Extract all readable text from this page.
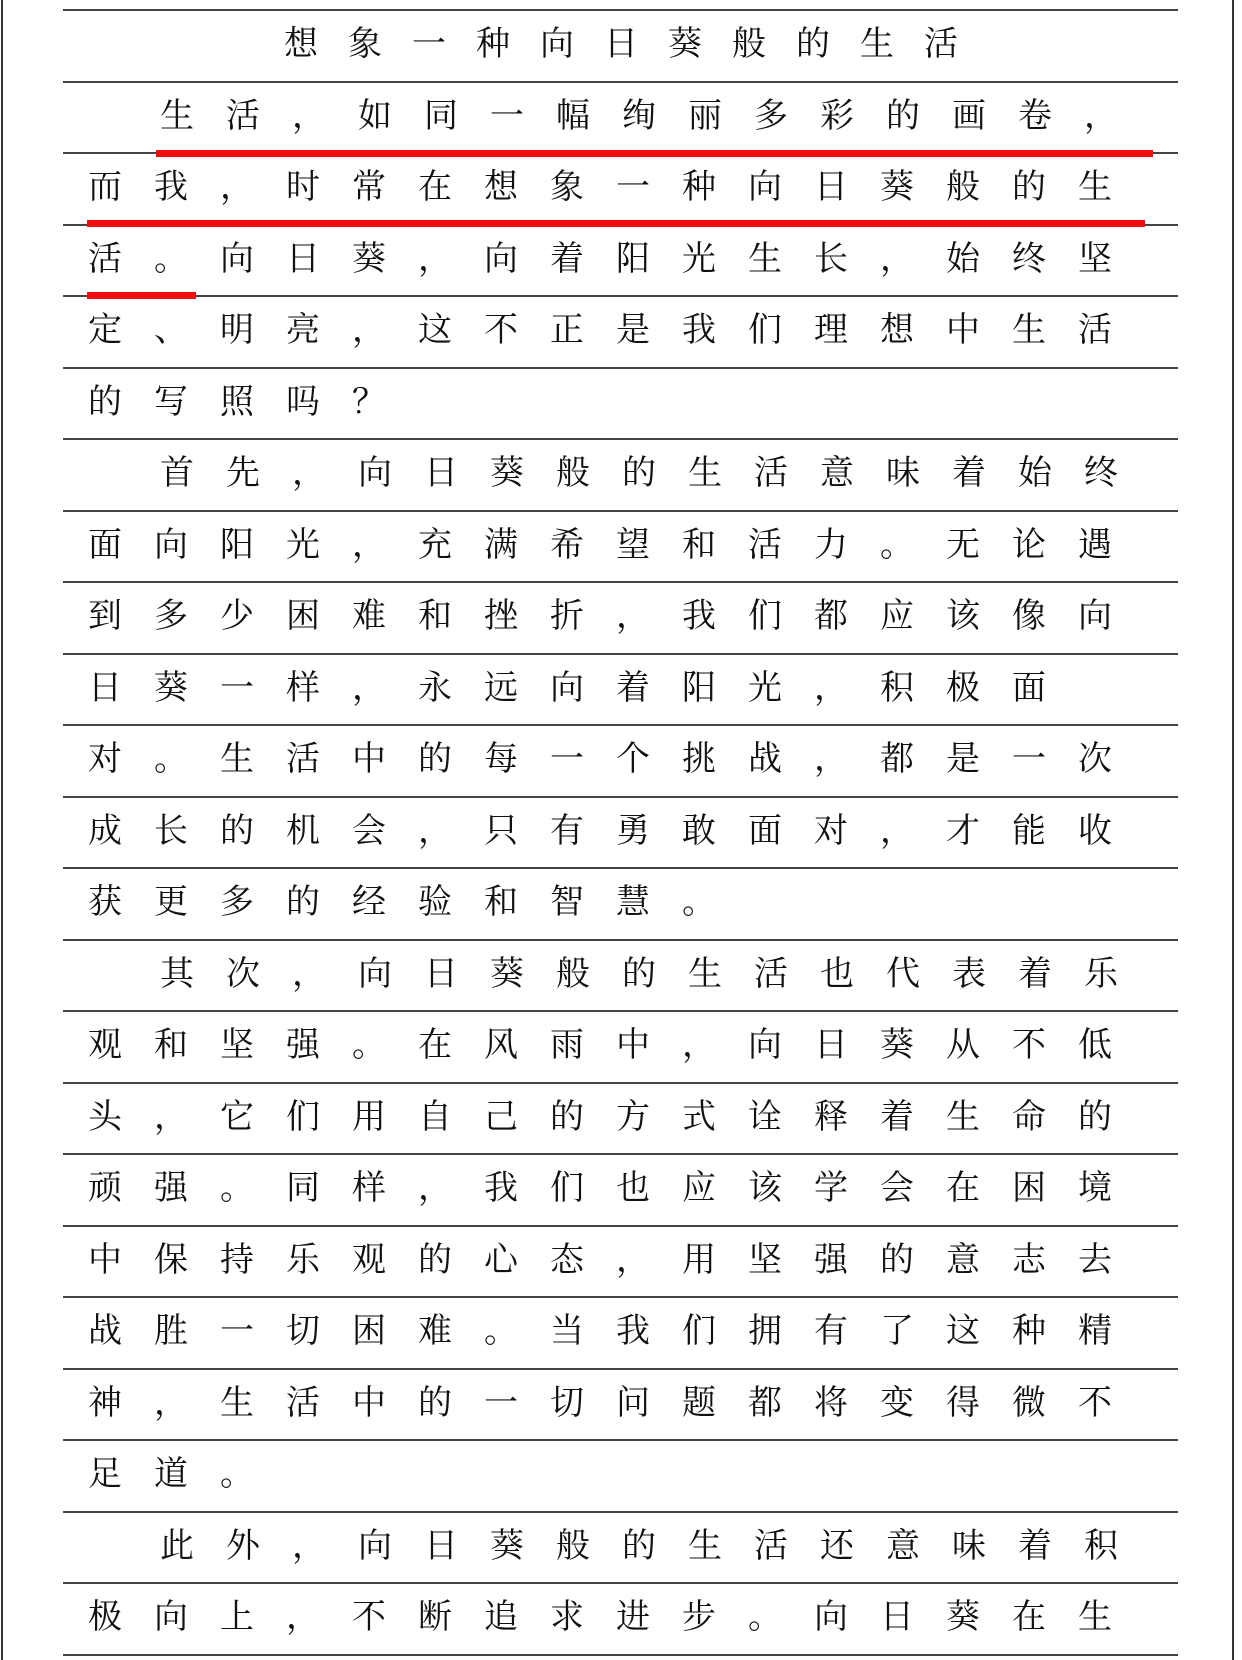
想象一种向日葵般的生活
生活，如同一幅绚丽多彩的画卷，
而我，时常在想象一种向日葵般的生
活。向日葵，向着阳光生长，始终坚
定、明亮，这不正是我们理想中生活
的写照吗？
首先，向日葵般的生活意味着始终
面向阳光，充满希望和活力。无论遇
到多少困难和挫折，我们都应该像向
日葵一样，永远向着阳光，积极面
对。生活中的每一个挑战，都是一次
成长的机会，只有勇敢面对，才能收
获更多的经验和智慧。
其次，向日葵般的生活也代表着乐
观和坚强。在风雨中，向日葵从不低
头，它们用自己的方式诠释着生命的
顽强。同样，我们也应该学会在困境
中保持乐观的心态，用坚强的意志去
战胜一切困难。当我们拥有了这种精
神，生活中的一切问题都将变得微不
足道。
此外，向日葵般的生活还意味着积
极向上，不断追求进步。向日葵在生
